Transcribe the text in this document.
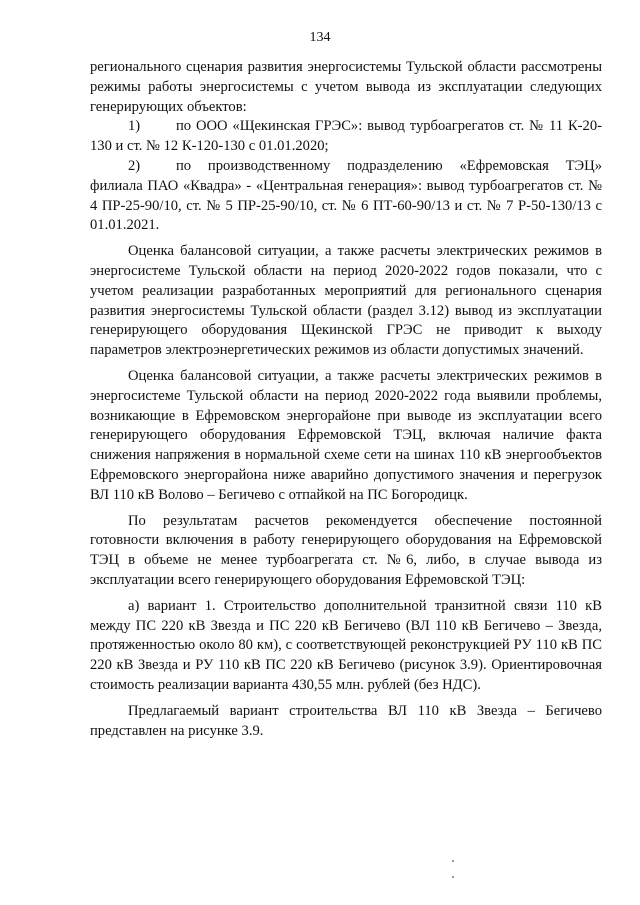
134

регионального сценария развития энергосистемы Тульской области рассмотрены режимы работы энергосистемы с учетом вывода из эксплуатации следующих генерирующих объектов:

1) по ООО «Щекинская ГРЭС»: вывод турбоагрегатов ст. № 11 К-20-130 и ст. № 12 К-120-130 с 01.01.2020;

2) по производственному подразделению «Ефремовская ТЭЦ» филиала ПАО «Квадра» - «Центральная генерация»: вывод турбоагрегатов ст. № 4 ПР-25-90/10, ст. № 5 ПР-25-90/10, ст. № 6 ПТ-60-90/13 и ст. № 7 Р-50-130/13 с 01.01.2021.

Оценка балансовой ситуации, а также расчеты электрических режимов в энергосистеме Тульской области на период 2020-2022 годов показали, что с учетом реализации разработанных мероприятий для регионального сценария развития энергосистемы Тульской области (раздел 3.12) вывод из эксплуатации генерирующего оборудования Щекинской ГРЭС не приводит к выходу параметров электроэнергетических режимов из области допустимых значений.

Оценка балансовой ситуации, а также расчеты электрических режимов в энергосистеме Тульской области на период 2020-2022 года выявили проблемы, возникающие в Ефремовском энергорайоне при выводе из эксплуатации всего генерирующего оборудования Ефремовской ТЭЦ, включая наличие факта снижения напряжения в нормальной схеме сети на шинах 110 кВ энергообъектов Ефремовского энергорайона ниже аварийно допустимого значения и перегрузок ВЛ 110 кВ Волово – Бегичево с отпайкой на ПС Богородицк.

По результатам расчетов рекомендуется обеспечение постоянной готовности включения в работу генерирующего оборудования на Ефремовской ТЭЦ в объеме не менее турбоагрегата ст. №6, либо, в случае вывода из эксплуатации всего генерирующего оборудования Ефремовской ТЭЦ:

а) вариант 1. Строительство дополнительной транзитной связи 110 кВ между ПС 220 кВ Звезда и ПС 220 кВ Бегичево (ВЛ 110 кВ Бегичево – Звезда, протяженностью около 80 км), с соответствующей реконструкцией РУ 110 кВ ПС 220 кВ Звезда и РУ 110 кВ ПС 220 кВ Бегичево (рисунок 3.9). Ориентировочная стоимость реализации варианта 430,55 млн. рублей (без НДС).

Предлагаемый вариант строительства ВЛ 110 кВ Звезда – Бегичево представлен на рисунке 3.9.
